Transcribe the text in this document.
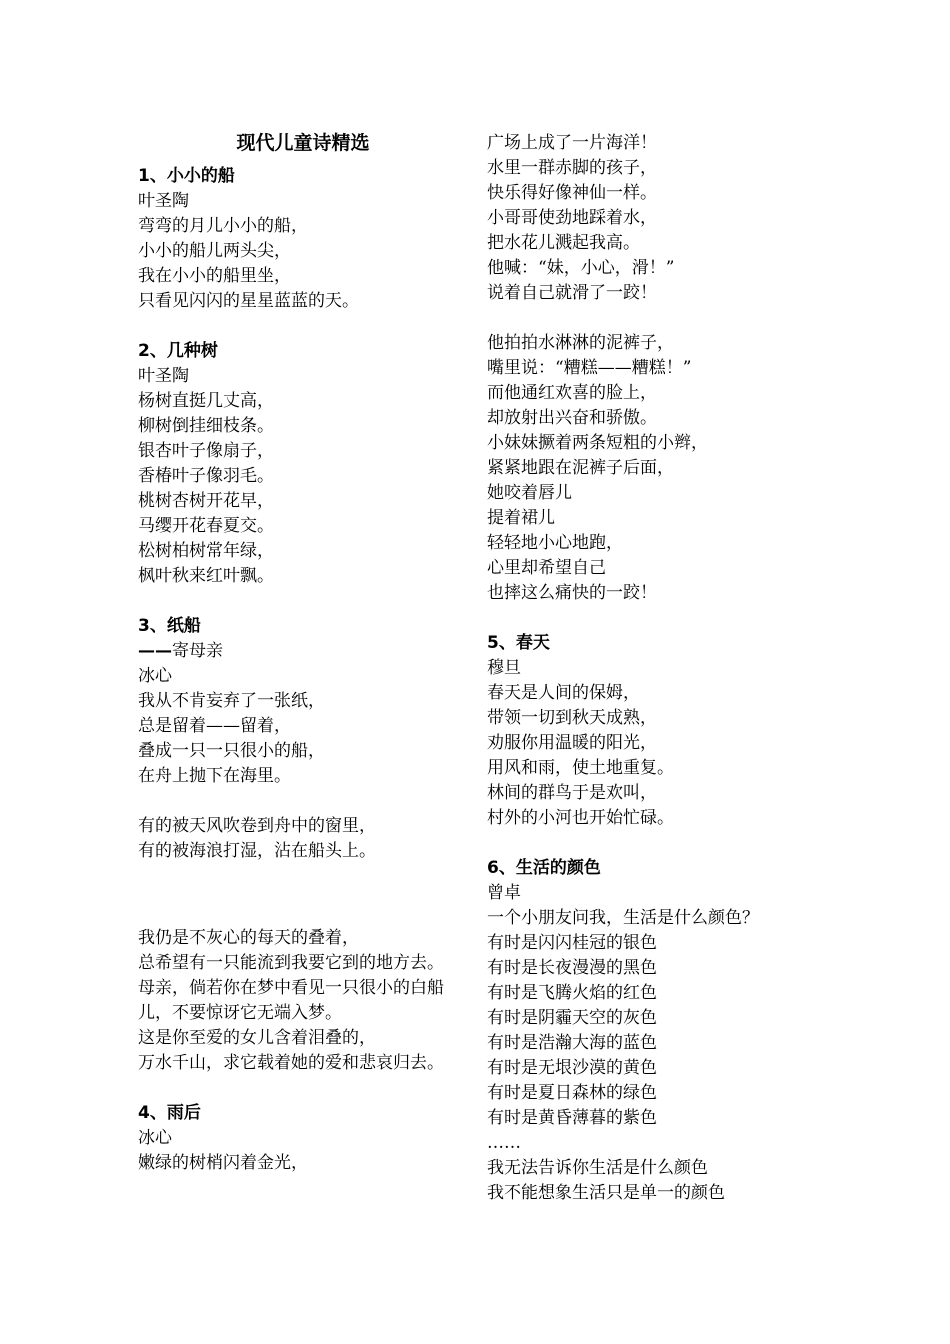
现代儿童诗精选
1、小小的船
叶圣陶
弯弯的月儿小小的船，
小小的船儿两头尖，
我在小小的船里坐，
只看见闪闪的星星蓝蓝的天。
2、几种树
叶圣陶
杨树直挺几丈高，
柳树倒挂细枝条。
银杏叶子像扇子，
香椿叶子像羽毛。
桃树杏树开花早，
马缨开花春夏交。
松树柏树常年绿，
枫叶秋来红叶飘。
3、纸船
——寄母亲
冰心
我从不肯妄弃了一张纸，
总是留着——留着，
叠成一只一只很小的船，
在舟上抛下在海里。
有的被天风吹卷到舟中的窗里，
有的被海浪打湿，沾在船头上。
我仍是不灰心的每天的叠着，
总希望有一只能流到我要它到的地方去。
母亲，倘若你在梦中看见一只很小的白船儿，不要惊讶它无端入梦。
这是你至爱的女儿含着泪叠的，
万水千山，求它载着她的爱和悲哀归去。
4、雨后
冰心
嫩绿的树梢闪着金光，
广场上成了一片海洋！
水里一群赤脚的孩子，
快乐得好像神仙一样。
小哥哥使劲地踩着水，
把水花儿溅起我高。
他喊：“妹，小心，滑！”
说着自己就滑了一跤！
他拍拍水淋淋的泥裤子，
嘴里说：“糟糕——糟糕！”
而他通红欢喜的脸上，
却放射出兴奋和骄傲。
小妹妹撅着两条短粗的小辫，
紧紧地跟在泥裤子后面，
她咬着唇儿
提着裙儿
轻轻地小心地跑，
心里却希望自己
也摔这么痛快的一跤！
5、春天
穆旦
春天是人间的保姆，
带领一切到秋天成熟，
劝服你用温暖的阳光，
用风和雨，使土地重复。
林间的群鸟于是欢叫，
村外的小河也开始忙碌。
6、生活的颜色
曾卓
一个小朋友问我，生活是什么颜色？
有时是闪闪桂冠的银色
有时是长夜漫漫的黑色
有时是飞腾火焰的红色
有时是阴霾天空的灰色
有时是浩瀚大海的蓝色
有时是无垠沙漠的黄色
有时是夏日森林的绿色
有时是黄昏薄暮的紫色
……
我无法告诉你生活是什么颜色
我不能想象生活只是单一的颜色
